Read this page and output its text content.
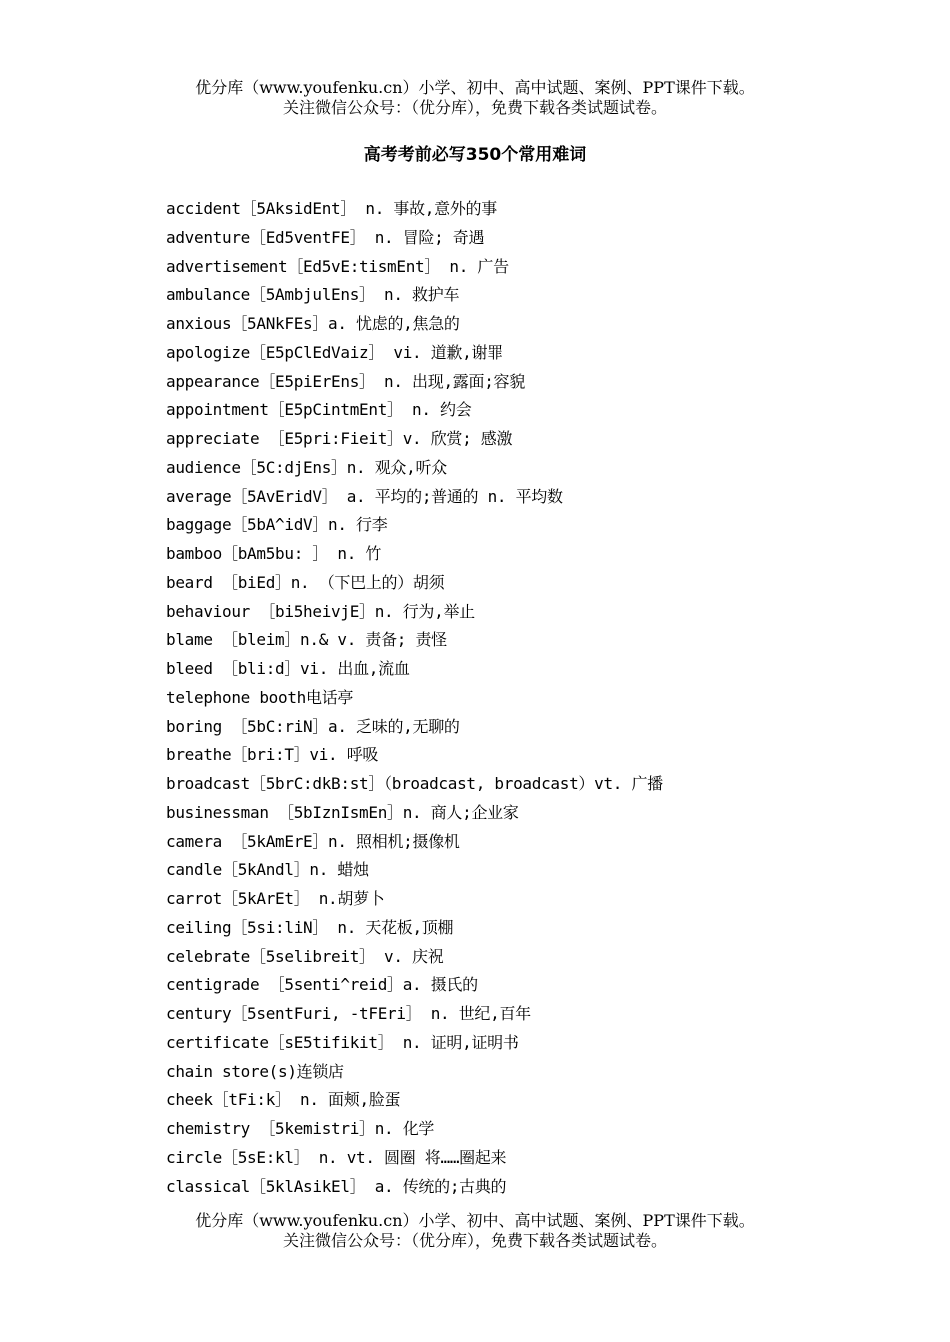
优分库（www.youfenku.cn）小学、初中、高中试题、案例、PPT课件下载。
关注微信公众号：（优分库），免费下载各类试题试卷。
高考考前必写350个常用难词
accident［5AksidEnt］ n. 事故,意外的事
adventure［Ed5ventFE］ n. 冒险; 奇遇
advertisement［Ed5vE:tismEnt］ n. 广告
ambulance［5AmbjulEns］ n. 救护车
anxious［5ANkFEs］a. 忧虑的,焦急的
apologize［E5pClEdVaiz］ vi. 道歉,谢罪
appearance［E5piErEns］ n. 出现,露面;容貌
appointment［E5pCintmEnt］ n. 约会
appreciate ［E5pri:Fieit］v. 欣赏; 感激
audience［5C:djEns］n. 观众,听众
average［5AvEridV］ a. 平均的;普通的 n. 平均数
baggage［5bA^idV］n. 行李
bamboo［bAm5bu: ］ n. 竹
beard ［biEd］n. （下巴上的）胡须
behaviour ［bi5heivjE］n. 行为,举止
blame ［bleim］n.& v. 责备; 责怪
bleed ［bli:d］vi. 出血,流血
telephone booth电话亭
boring ［5bC:riN］a. 乏味的,无聊的
breathe［bri:T］vi. 呼吸
broadcast［5brC:dkB:st］（broadcast, broadcast）vt. 广播
businessman ［5bIznIsmEn］n. 商人;企业家
camera ［5kAmErE］n. 照相机;摄像机
candle［5kAndl］n. 蜡烛
carrot［5kArEt］ n.胡萝卜
ceiling［5si:liN］ n. 天花板,顶棚
celebrate［5selibreit］ v. 庆祝
centigrade ［5senti^reid］a. 摄氏的
century［5sentFuri, -tFEri］ n. 世纪,百年
certificate［sE5tifikit］ n. 证明,证明书
chain store(s)连锁店
cheek［tFi:k］ n. 面颊,脸蛋
chemistry ［5kemistri］n. 化学
circle［5sE:kl］ n. vt. 圆圈 将……圈起来
classical［5klAsikEl］ a. 传统的;古典的
优分库（www.youfenku.cn）小学、初中、高中试题、案例、PPT课件下载。
关注微信公众号：（优分库），免费下载各类试题试卷。
